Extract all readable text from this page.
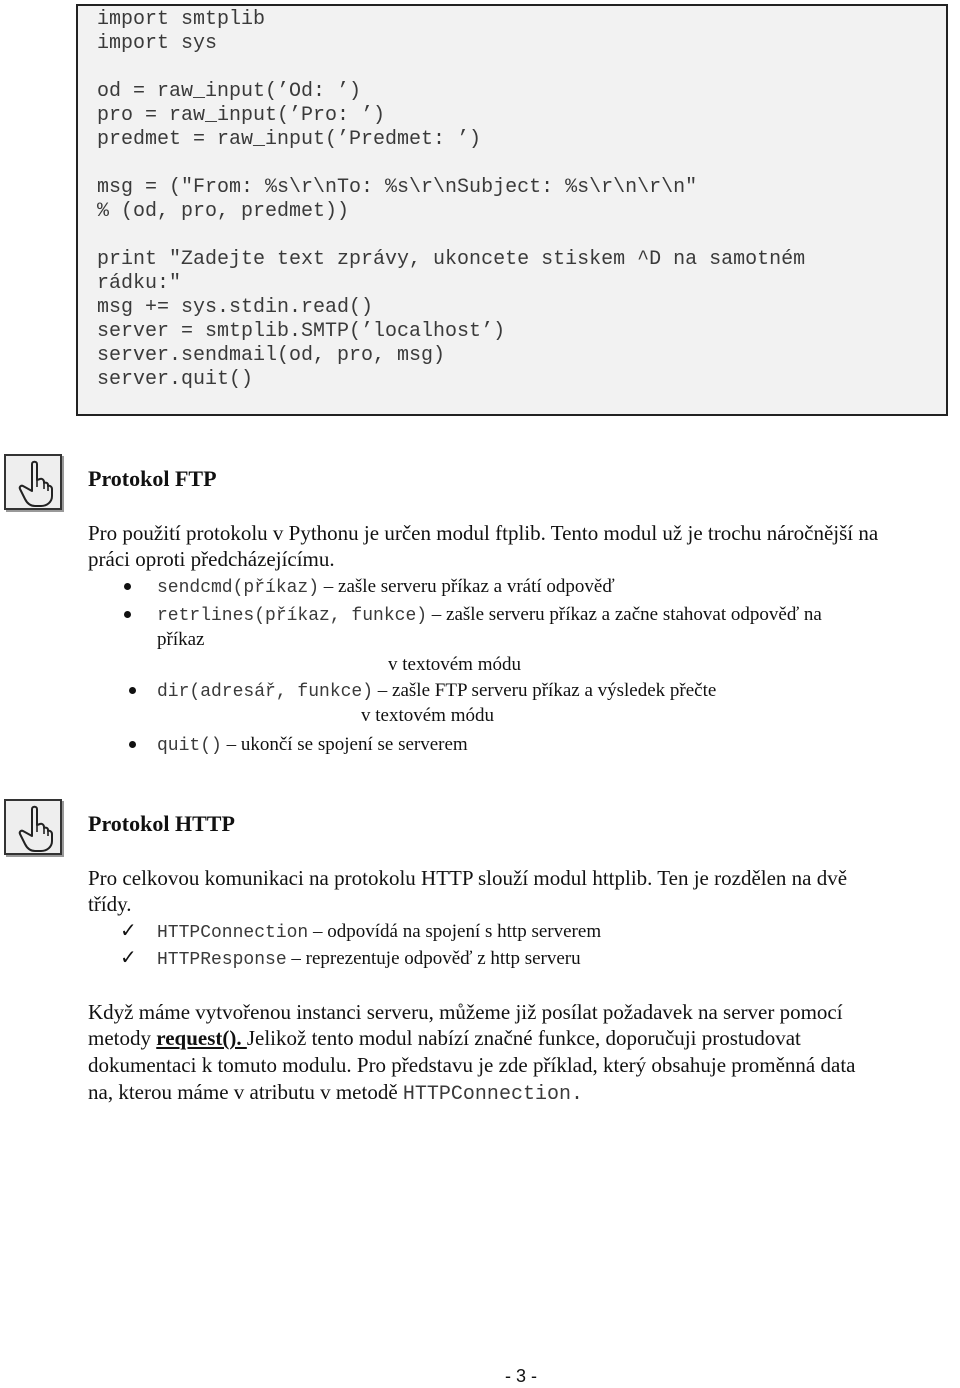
import smtplib
import sys
od = raw_input(’Od: ’)
pro = raw_input(’Pro: ’)
predmet = raw_input(’Predmet: ’)
msg = ("From: %s\r\nTo: %s\r\nSubject: %s\r\n\r\n"
% (od, pro, predmet))
print "Zadejte text zprávy, ukoncete stiskem ^D na samotném
rádku:"
msg += sys.stdin.read()
server = smtplib.SMTP(’localhost’)
server.sendmail(od, pro, msg)
server.quit()
Protokol FTP
Pro použití protokolu v Pythonu je určen modul ftplib. Tento modul už je trochu náročnější na
práci oproti předcházejícímu.
sendcmd(příkaz) – zašle serveru příkaz a vrátí odpověď
retrlines(příkaz, funkce) – zašle serveru příkaz a začne stahovat odpověď na
příkaz
v textovém módu
dir(adresář, funkce) – zašle FTP serveru příkaz a výsledek přečte
v textovém módu
quit() – ukončí se spojení se serverem
Protokol HTTP
Pro celkovou komunikaci na protokolu HTTP slouží modul httplib. Ten je rozdělen na dvě
třídy.
✓ HTTPConnection – odpovídá na spojení s http serverem
✓ HTTPResponse – reprezentuje odpověď z http serveru
Když máme vytvořenou instanci serveru, můžeme již posílat požadavek na server pomocí
metody request(). Jelikož tento modul nabízí značné funkce, doporučuji prostudovat
dokumentaci k tomuto modulu. Pro představu je zde příklad, který obsahuje proměnná data
na, kterou máme v atributu v metodě HTTPConnection.
- 3 -
